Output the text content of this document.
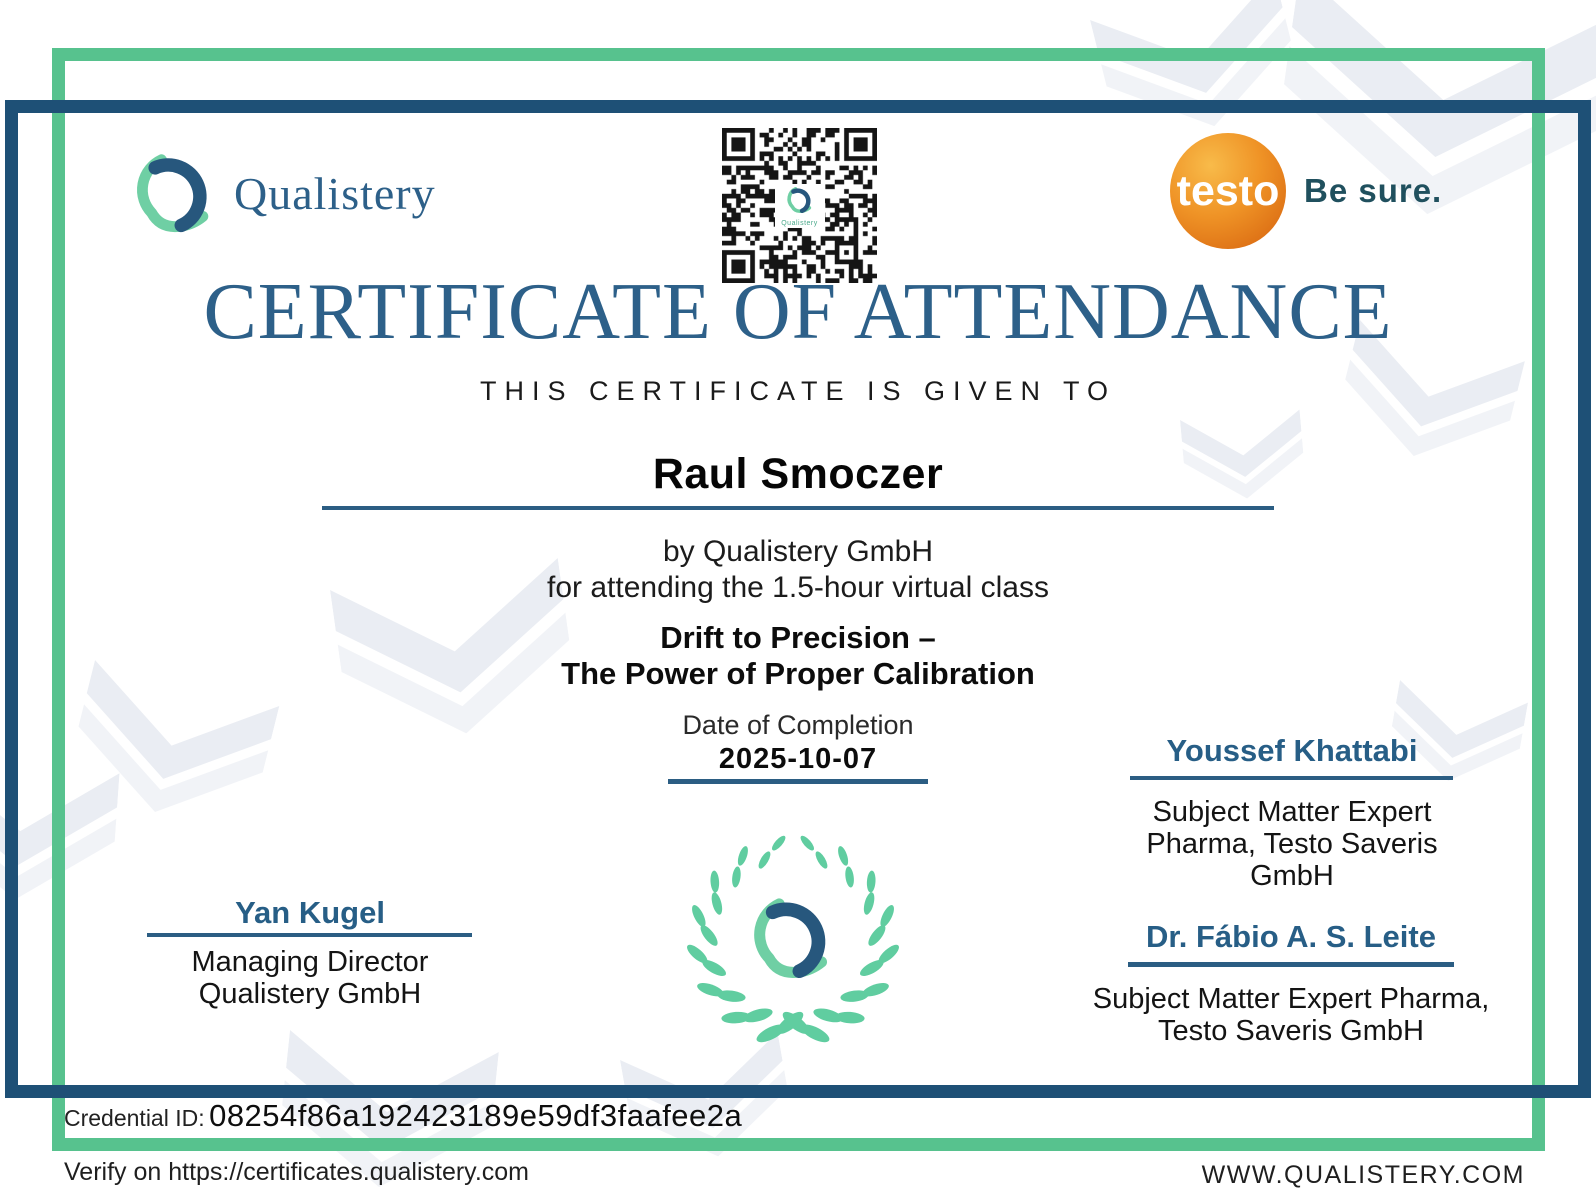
Qualistery
Qualistery
testo Be sure.
CERTIFICATE OF ATTENDANCE
THIS CERTIFICATE IS GIVEN TO
Raul Smoczer
by Qualistery GmbH
for attending the 1.5-hour virtual class
Drift to Precision –
The Power of Proper Calibration
Date of Completion
2025-10-07
Yan Kugel
Managing Director
Qualistery GmbH
Youssef Khattabi
Subject Matter Expert
Pharma, Testo Saveris
GmbH
Dr. Fábio A. S. Leite
Subject Matter Expert Pharma,
Testo Saveris GmbH
Credential ID: 08254f86a192423189e59df3faafee2a
Verify on https://certificates.qualistery.com	WWW.QUALISTERY.COM
